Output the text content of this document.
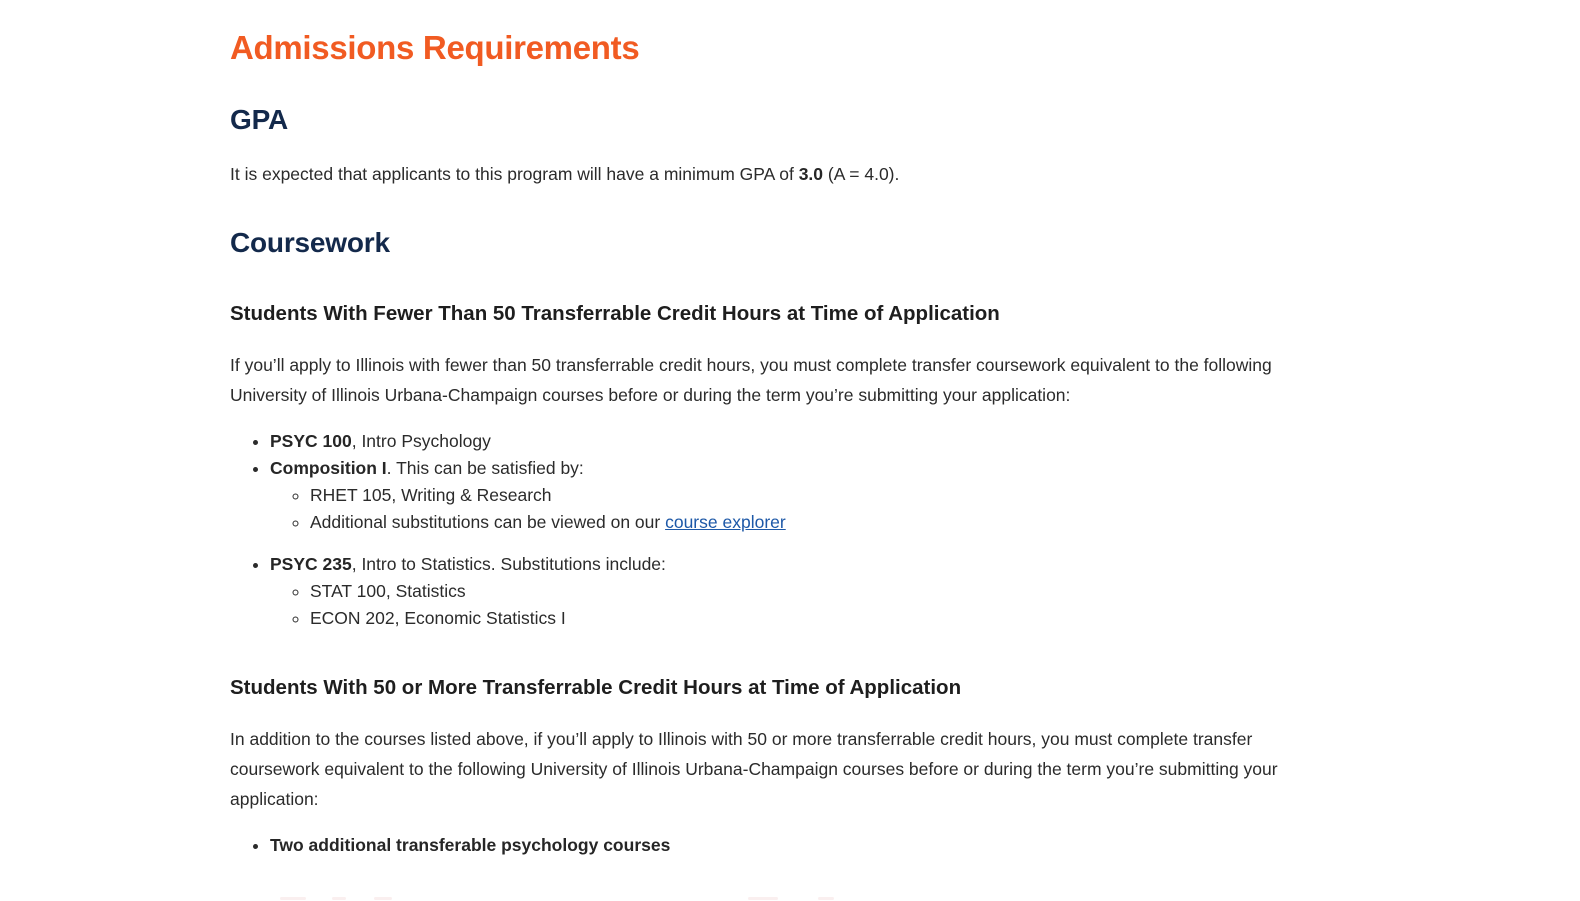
Admissions Requirements
GPA

It is expected that applicants to this program will have a minimum GPA of 3.0 (A = 4.0).

Coursework
Students With Fewer Than 50 Transferrable Credit Hours at Time of Application

If you’ll apply to Illinois with fewer than 50 transferrable credit hours, you must complete transfer coursework equivalent to the following University of Illinois Urbana-Champaign courses before or during the term you’re submitting your application:

• PSYC 100, Intro Psychology
• Composition I. This can be satisfied by:
◦ RHET 105, Writing & Research
◦ Additional substitutions can be viewed on our course explorer
• PSYC 235, Intro to Statistics. Substitutions include:
◦ STAT 100, Statistics
◦ ECON 202, Economic Statistics I
Students With 50 or More Transferrable Credit Hours at Time of Application

In addition to the courses listed above, if you’ll apply to Illinois with 50 or more transferrable credit hours, you must complete transfer coursework equivalent to the following University of Illinois Urbana-Champaign courses before or during the term you’re submitting your application:

• Two additional transferable psychology courses
